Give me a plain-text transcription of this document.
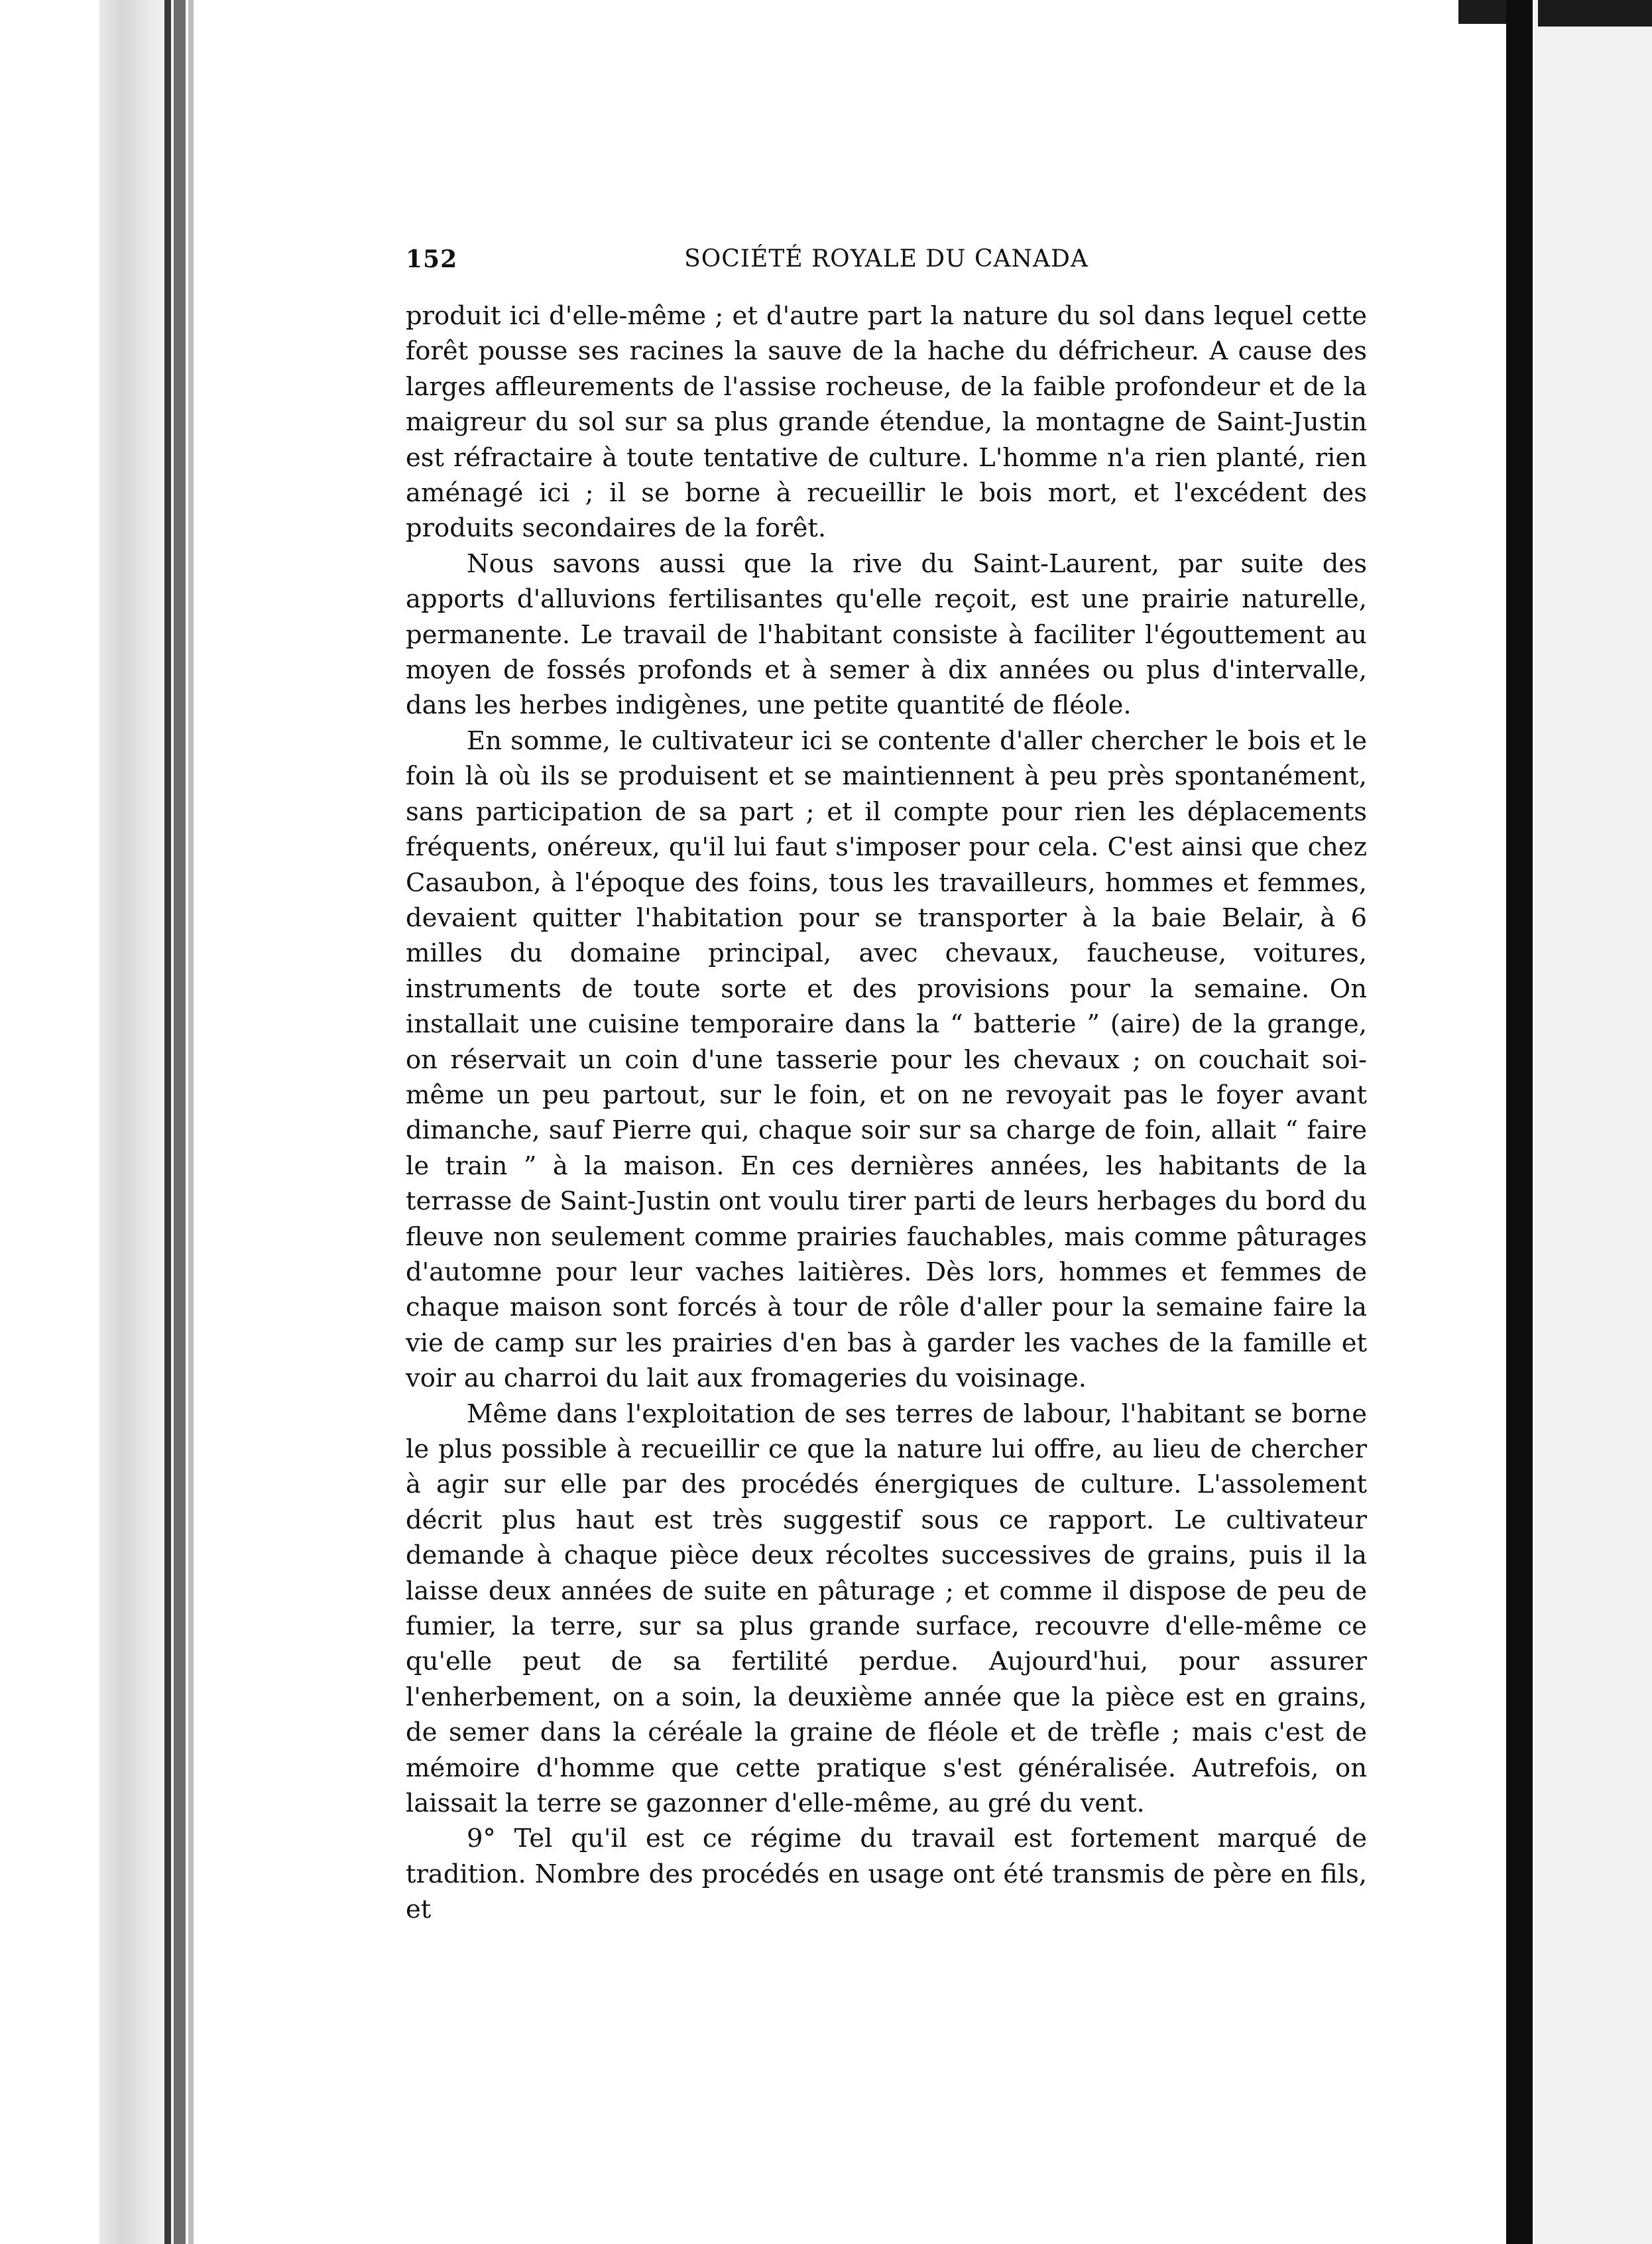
152	SOCIÉTÉ ROYALE DU CANADA

produit ici d'elle-même ; et d'autre part la nature du sol dans lequel cette forêt pousse ses racines la sauve de la hache du défricheur. A cause des larges affleurements de l'assise rocheuse, de la faible profondeur et de la maigreur du sol sur sa plus grande étendue, la montagne de Saint-Justin est réfractaire à toute tentative de culture. L'homme n'a rien planté, rien aménagé ici ; il se borne à recueillir le bois mort, et l'excédent des produits secondaires de la forêt.

Nous savons aussi que la rive du Saint-Laurent, par suite des apports d'alluvions fertilisantes qu'elle reçoit, est une prairie naturelle, permanente. Le travail de l'habitant consiste à faciliter l'égouttement au moyen de fossés profonds et à semer à dix années ou plus d'intervalle, dans les herbes indigènes, une petite quantité de fléole.

En somme, le cultivateur ici se contente d'aller chercher le bois et le foin là où ils se produisent et se maintiennent à peu près spontanément, sans participation de sa part ; et il compte pour rien les déplacements fréquents, onéreux, qu'il lui faut s'imposer pour cela. C'est ainsi que chez Casaubon, à l'époque des foins, tous les travailleurs, hommes et femmes, devaient quitter l'habitation pour se transporter à la baie Belair, à 6 milles du domaine principal, avec chevaux, faucheuse, voitures, instruments de toute sorte et des provisions pour la semaine. On installait une cuisine temporaire dans la “ batterie ” (aire) de la grange, on réservait un coin d'une tasserie pour les chevaux ; on couchait soi-même un peu partout, sur le foin, et on ne revoyait pas le foyer avant dimanche, sauf Pierre qui, chaque soir sur sa charge de foin, allait “ faire le train ” à la maison. En ces dernières années, les habitants de la terrasse de Saint-Justin ont voulu tirer parti de leurs herbages du bord du fleuve non seulement comme prairies fauchables, mais comme pâturages d'automne pour leur vaches laitières. Dès lors, hommes et femmes de chaque maison sont forcés à tour de rôle d'aller pour la semaine faire la vie de camp sur les prairies d'en bas à garder les vaches de la famille et voir au charroi du lait aux fromageries du voisinage.

Même dans l'exploitation de ses terres de labour, l'habitant se borne le plus possible à recueillir ce que la nature lui offre, au lieu de chercher à agir sur elle par des procédés énergiques de culture. L'assolement décrit plus haut est très suggestif sous ce rapport. Le cultivateur demande à chaque pièce deux récoltes successives de grains, puis il la laisse deux années de suite en pâturage ; et comme il dispose de peu de fumier, la terre, sur sa plus grande surface, recouvre d'elle-même ce qu'elle peut de sa fertilité perdue. Aujourd'hui, pour assurer l'enherbement, on a soin, la deuxième année que la pièce est en grains, de semer dans la céréale la graine de fléole et de trèfle ; mais c'est de mémoire d'homme que cette pratique s'est généralisée. Autrefois, on laissait la terre se gazonner d'elle-même, au gré du vent.

9° Tel qu'il est ce régime du travail est fortement marqué de tradition. Nombre des procédés en usage ont été transmis de père en fils, et
